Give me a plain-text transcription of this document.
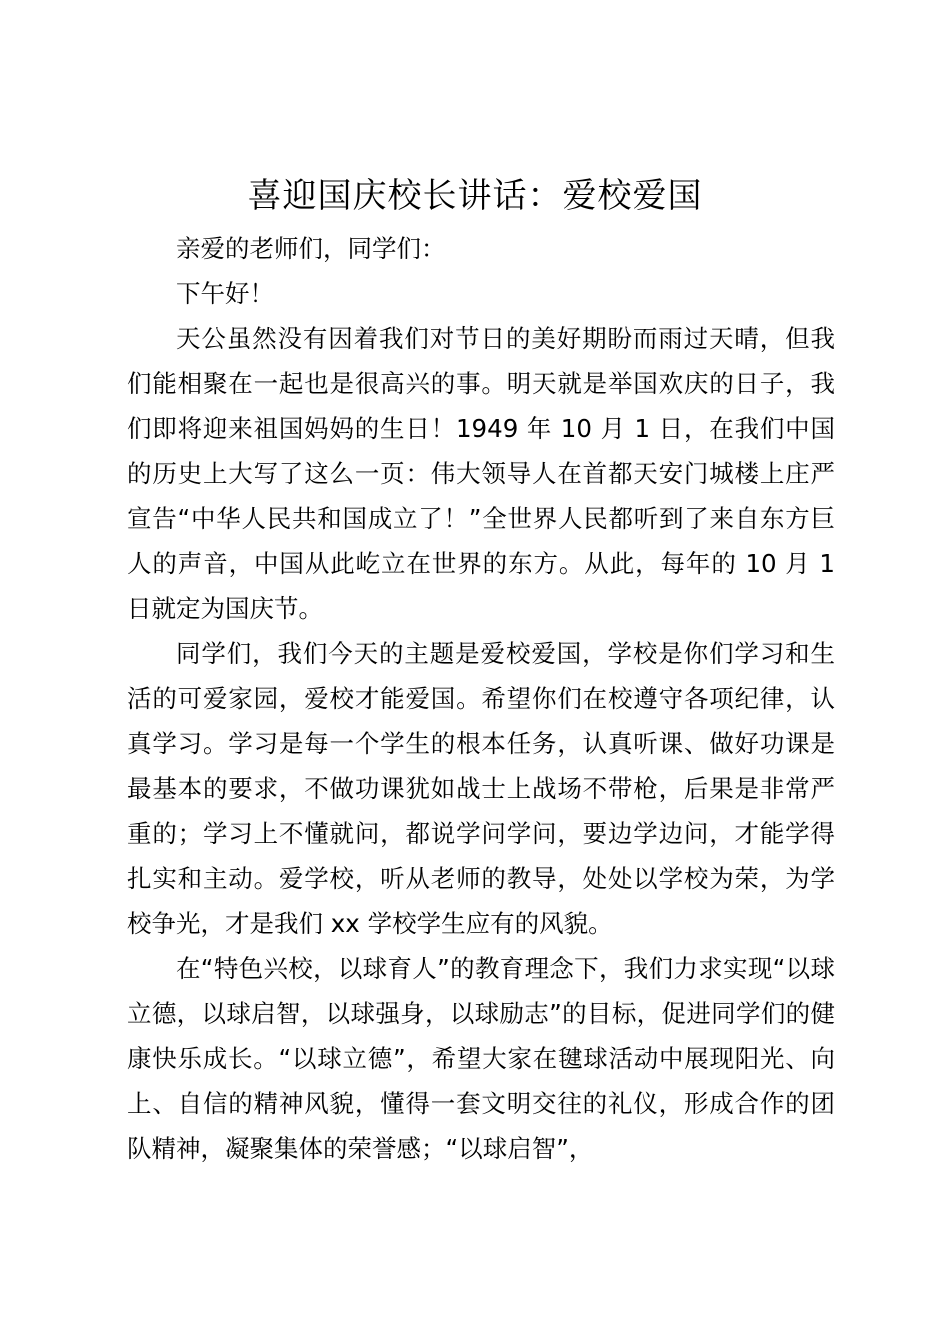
喜迎国庆校长讲话：爱校爱国

亲爱的老师们，同学们：

下午好！

天公虽然没有因着我们对节日的美好期盼而雨过天晴，但我们能相聚在一起也是很高兴的事。明天就是举国欢庆的日子，我们即将迎来祖国妈妈的生日！1949 年 10 月 1 日，在我们中国的历史上大写了这么一页：伟大领导人在首都天安门城楼上庄严宣告“中华人民共和国成立了！”全世界人民都听到了来自东方巨人的声音，中国从此屹立在世界的东方。从此，每年的 10 月 1 日就定为国庆节。

同学们，我们今天的主题是爱校爱国，学校是你们学习和生活的可爱家园，爱校才能爱国。希望你们在校遵守各项纪律，认真学习。学习是每一个学生的根本任务，认真听课、做好功课是最基本的要求，不做功课犹如战士上战场不带枪，后果是非常严重的；学习上不懂就问，都说学问学问，要边学边问，才能学得扎实和主动。爱学校，听从老师的教导，处处以学校为荣，为学校争光，才是我们 xx 学校学生应有的风貌。

在“特色兴校，以球育人”的教育理念下，我们力求实现“以球立德，以球启智，以球强身，以球励志”的目标，促进同学们的健康快乐成长。“以球立德”，希望大家在毽球活动中展现阳光、向上、自信的精神风貌，懂得一套文明交往的礼仪，形成合作的团队精神，凝聚集体的荣誉感；“以球启智”，
